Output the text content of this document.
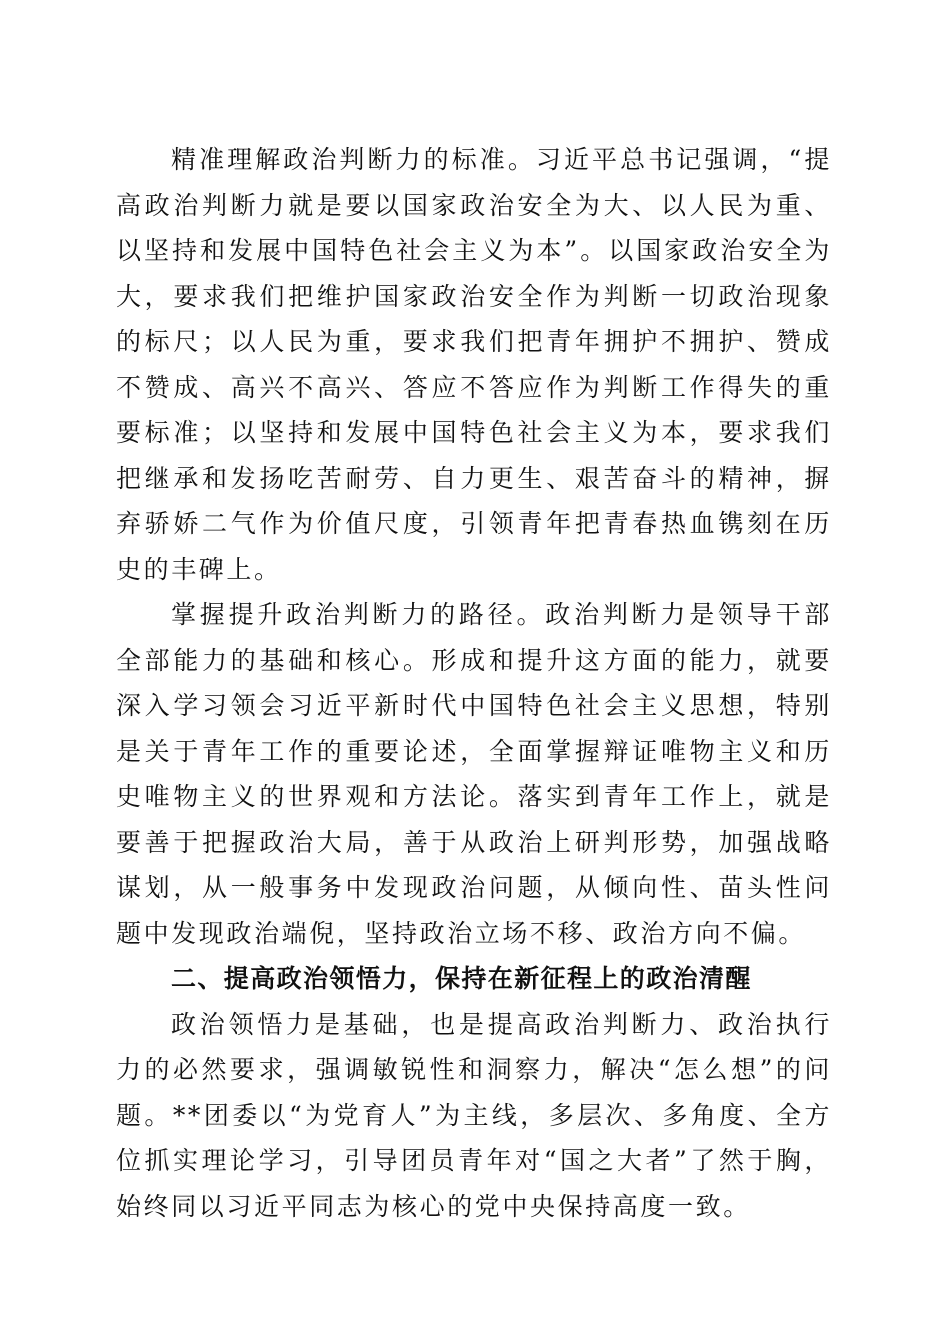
精准理解政治判断力的标准。习近平总书记强调，“提高政治判断力就是要以国家政治安全为大、以人民为重、以坚持和发展中国特色社会主义为本”。以国家政治安全为大，要求我们把维护国家政治安全作为判断一切政治现象的标尺；以人民为重，要求我们把青年拥护不拥护、赞成不赞成、高兴不高兴、答应不答应作为判断工作得失的重要标准；以坚持和发展中国特色社会主义为本，要求我们把继承和发扬吃苦耐劳、自力更生、艰苦奋斗的精神，摒弃骄娇二气作为价值尺度，引领青年把青春热血镌刻在历史的丰碑上。

掌握提升政治判断力的路径。政治判断力是领导干部全部能力的基础和核心。形成和提升这方面的能力，就要深入学习领会习近平新时代中国特色社会主义思想，特别是关于青年工作的重要论述，全面掌握辩证唯物主义和历史唯物主义的世界观和方法论。落实到青年工作上，就是要善于把握政治大局，善于从政治上研判形势，加强战略谋划，从一般事务中发现政治问题，从倾向性、苗头性问题中发现政治端倪，坚持政治立场不移、政治方向不偏。

二、提高政治领悟力，保持在新征程上的政治清醒

政治领悟力是基础，也是提高政治判断力、政治执行力的必然要求，强调敏锐性和洞察力，解决“怎么想”的问题。**团委以“为党育人”为主线，多层次、多角度、全方位抓实理论学习，引导团员青年对“国之大者”了然于胸，始终同以习近平同志为核心的党中央保持高度一致。
